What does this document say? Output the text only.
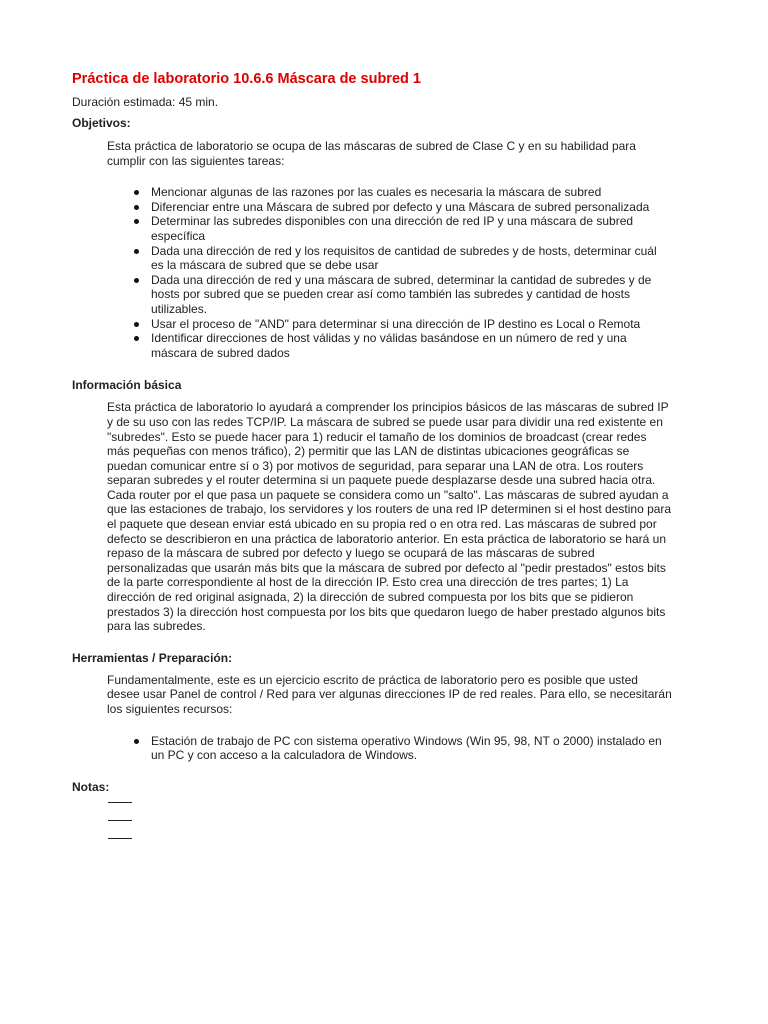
Práctica de laboratorio 10.6.6 Máscara de subred 1
Duración estimada: 45 min.
Objetivos:

Esta práctica de laboratorio se ocupa de las máscaras de subred de Clase C y en su habilidad para cumplir con las siguientes tareas:

Mencionar algunas de las razones por las cuales es necesaria la máscara de subred
Diferenciar entre una Máscara de subred por defecto y una Máscara de subred personalizada
Determinar las subredes disponibles con una dirección de red IP y una máscara de subred específica
Dada una dirección de red y los requisitos de cantidad de subredes y de hosts, determinar cuál es la máscara de subred que se debe usar
Dada una dirección de red y una máscara de subred, determinar la cantidad de subredes y de hosts por subred que se pueden crear así como también las subredes y cantidad de hosts utilizables.
Usar el proceso de "AND" para determinar si una dirección de IP destino es Local o Remota
Identificar direcciones de host válidas y no válidas basándose en un número de red y una máscara de subred dados
Información básica

Esta práctica de laboratorio lo ayudará a comprender los principios básicos de las máscaras de subred IP y de su uso con las redes TCP/IP. La máscara de subred se puede usar para dividir una red existente en "subredes". Esto se puede hacer para 1) reducir el tamaño de los dominios de broadcast (crear redes más pequeñas con menos tráfico), 2) permitir que las LAN de distintas ubicaciones geográficas se puedan comunicar entre sí o 3) por motivos de seguridad, para separar una LAN de otra. Los routers separan subredes y el router determina si un paquete puede desplazarse desde una subred hacia otra. Cada router por el que pasa un paquete se considera como un "salto". Las máscaras de subred ayudan a que las estaciones de trabajo, los servidores y los routers de una red IP determinen si el host destino para el paquete que desean enviar está ubicado en su propia red o en otra red. Las máscaras de subred por defecto se describieron en una práctica de laboratorio anterior. En esta práctica de laboratorio se hará un repaso de la máscara de subred por defecto y luego se ocupará de las máscaras de subred personalizadas que usarán más bits que la máscara de subred por defecto al "pedir prestados" estos bits de la parte correspondiente al host de la dirección IP. Esto crea una dirección de tres partes; 1) La dirección de red original asignada, 2) la dirección de subred compuesta por los bits que se pidieron prestados 3) la dirección host compuesta por los bits que quedaron luego de haber prestado algunos bits para las subredes.

Herramientas / Preparación:

Fundamentalmente, este es un ejercicio escrito de práctica de laboratorio pero es posible que usted desee usar Panel de control / Red para ver algunas direcciones IP de red reales. Para ello, se necesitarán los siguientes recursos:

Estación de trabajo de PC con sistema operativo Windows (Win 95, 98, NT o 2000) instalado en un PC y con acceso a la calculadora de Windows.
Notas:
